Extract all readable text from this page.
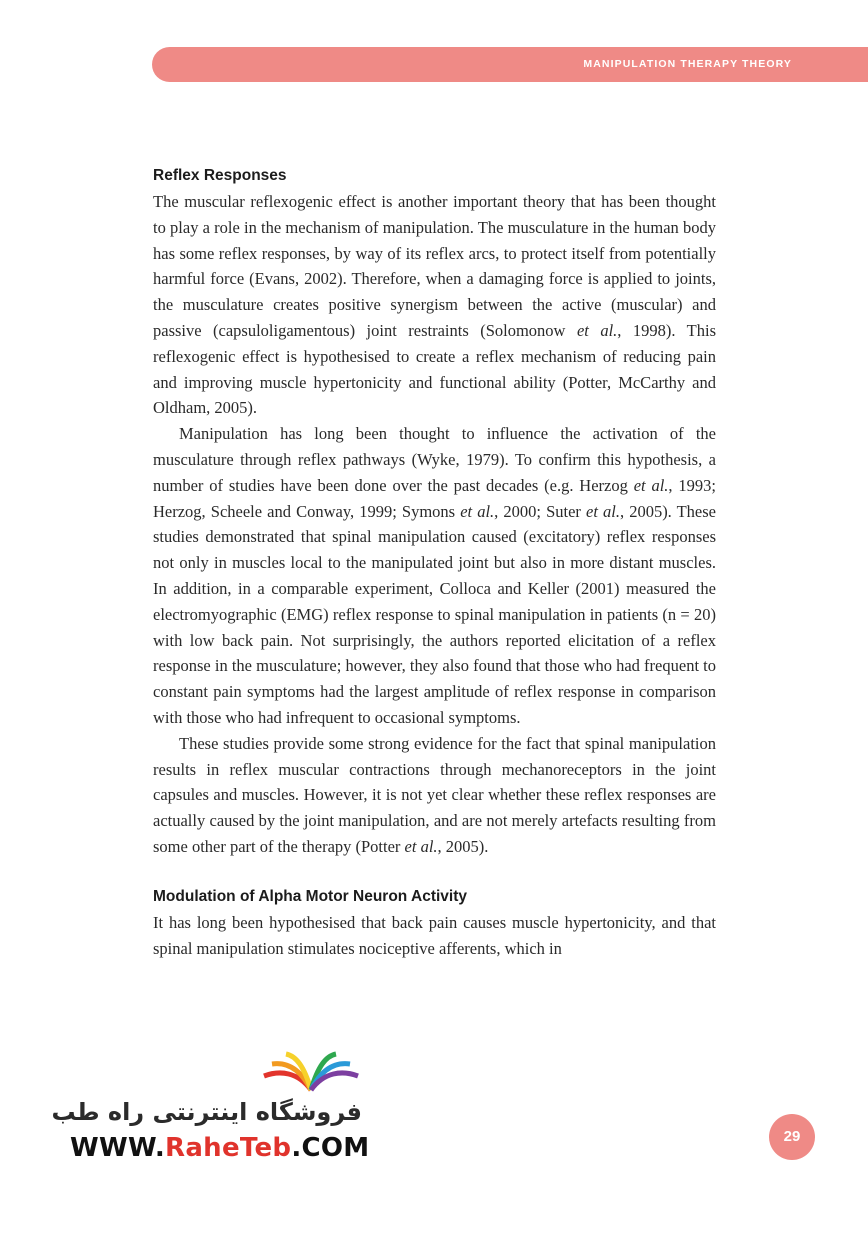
MANIPULATION THERAPY THEORY
Reflex Responses

The muscular reflexogenic effect is another important theory that has been thought to play a role in the mechanism of manipulation. The musculature in the human body has some reflex responses, by way of its reflex arcs, to protect itself from potentially harmful force (Evans, 2002). Therefore, when a damaging force is applied to joints, the musculature creates positive synergism between the active (muscular) and passive (capsuloligamentous) joint restraints (Solomonow et al., 1998). This reflexogenic effect is hypothesised to create a reflex mechanism of reducing pain and improving muscle hypertonicity and functional ability (Potter, McCarthy and Oldham, 2005).

Manipulation has long been thought to influence the activation of the musculature through reflex pathways (Wyke, 1979). To confirm this hypothesis, a number of studies have been done over the past decades (e.g. Herzog et al., 1993; Herzog, Scheele and Conway, 1999; Symons et al., 2000; Suter et al., 2005). These studies demonstrated that spinal manipulation caused (excitatory) reflex responses not only in muscles local to the manipulated joint but also in more distant muscles. In addition, in a comparable experiment, Colloca and Keller (2001) measured the electromyographic (EMG) reflex response to spinal manipulation in patients (n = 20) with low back pain. Not surprisingly, the authors reported elicitation of a reflex response in the musculature; however, they also found that those who had frequent to constant pain symptoms had the largest amplitude of reflex response in comparison with those who had infrequent to occasional symptoms.

These studies provide some strong evidence for the fact that spinal manipulation results in reflex muscular contractions through mechanoreceptors in the joint capsules and muscles. However, it is not yet clear whether these reflex responses are actually caused by the joint manipulation, and are not merely artefacts resulting from some other part of the therapy (Potter et al., 2005).

Modulation of Alpha Motor Neuron Activity

It has long been hypothesised that back pain causes muscle hypertonicity, and that spinal manipulation stimulates nociceptive afferents, which in

فروشگاه اینترنتی راه طب
WWW.RaheTeb.COM	29
